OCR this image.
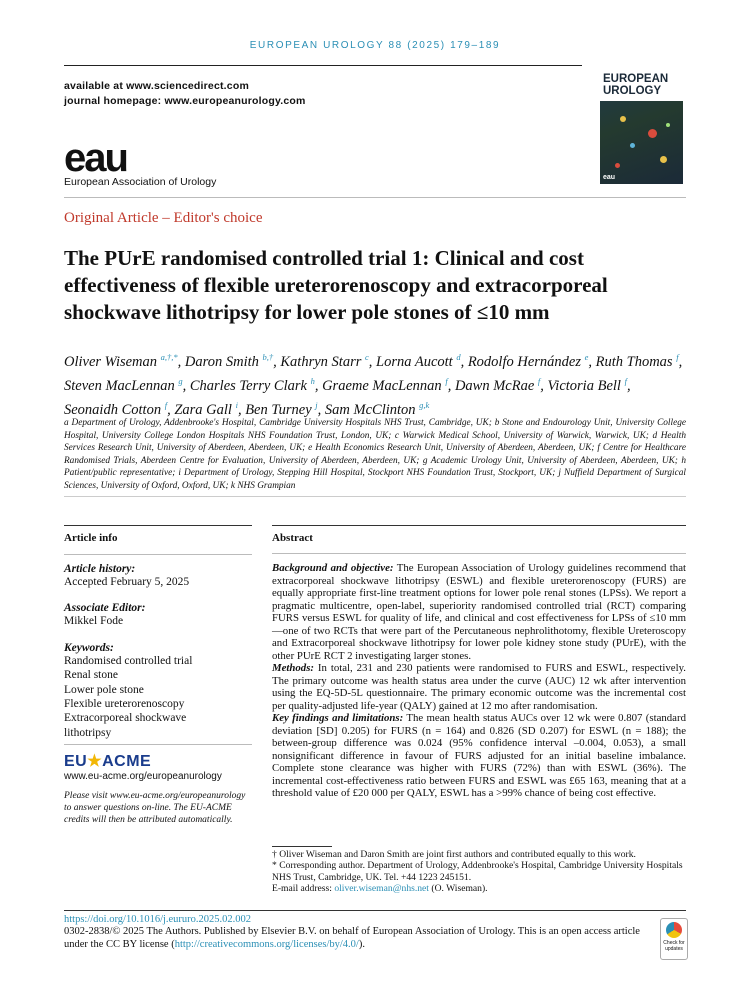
EUROPEAN UROLOGY 88 (2025) 179–189
available at www.sciencedirect.com
journal homepage: www.europeanurology.com
EUROPEAN
UROLOGY
eau
eau
European Association of Urology
Original Article – Editor's choice
The PUrE randomised controlled trial 1: Clinical and cost effectiveness of flexible ureterorenoscopy and extracorporeal shockwave lithotripsy for lower pole stones of ≤10 mm
Oliver Wiseman $^{a,\dagger,*}$, Daron Smith $^{b,\dagger}$, Kathryn Starr $^c$, Lorna Aucott $^d$, Rodolfo Hernández $^e$, Ruth Thomas $^f$, Steven MacLennan $^g$, Charles Terry Clark $^h$, Graeme MacLennan $^f$, Dawn McRae $^f$, Victoria Bell $^f$, Seonaidh Cotton $^f$, Zara Gall $^i$, Ben Turney $^j$, Sam McClinton $^{g,k}$
a Department of Urology, Addenbrooke's Hospital, Cambridge University Hospitals NHS Trust, Cambridge, UK; b Stone and Endourology Unit, University College Hospital, University College London Hospitals NHS Foundation Trust, London, UK; c Warwick Medical School, University of Warwick, Warwick, UK; d Health Services Research Unit, University of Aberdeen, Aberdeen, UK; e Health Economics Research Unit, University of Aberdeen, Aberdeen, UK; f Centre for Healthcare Randomised Trials, Aberdeen Centre for Evaluation, University of Aberdeen, Aberdeen, UK; g Academic Urology Unit, University of Aberdeen, Aberdeen, UK; h Patient/public representative; i Department of Urology, Stepping Hill Hospital, Stockport NHS Foundation Trust, Stockport, UK; j Nuffield Department of Surgical Sciences, University of Oxford, Oxford, UK; k NHS Grampian
Article info
Article history:
Accepted February 5, 2025
Associate Editor:
Mikkel Fode
Keywords:
Randomised controlled trial
Renal stone
Lower pole stone
Flexible ureterorenoscopy
Extracorporeal shockwave
lithotripsy
EU★ACME
www.eu-acme.org/europeanurology
Please visit www.eu-acme.org/europeanurology to answer questions on-line. The EU-ACME credits will then be attributed automatically.
Abstract

Background and objective: The European Association of Urology guidelines recommend that extracorporeal shockwave lithotripsy (ESWL) and flexible ureterorenoscopy (FURS) are equally appropriate first-line treatment options for lower pole renal stones (LPSs). We report a pragmatic multicentre, open-label, superiority randomised controlled trial (RCT) comparing FURS versus ESWL for quality of life, and clinical and cost effectiveness for LPSs of ≤10 mm—one of two RCTs that were part of the Percutaneous nephrolithotomy, flexible Ureteroscopy and Extracorporeal shockwave lithotripsy for lower pole kidney stone study (PUrE), with the other PUrE RCT 2 investigating larger stones.

Methods: In total, 231 and 230 patients were randomised to FURS and ESWL, respectively. The primary outcome was health status area under the curve (AUC) 12 wk after intervention using the EQ-5D-5L questionnaire. The primary economic outcome was the incremental cost per quality-adjusted life-year (QALY) gained at 12 mo after randomisation.

Key findings and limitations: The mean health status AUCs over 12 wk were 0.807 (standard deviation [SD] 0.205) for FURS (n = 164) and 0.826 (SD 0.207) for ESWL (n = 188); the between-group difference was 0.024 (95% confidence interval –0.004, 0.053), a small nonsignificant difference in favour of FURS adjusted for an initial baseline imbalance. Complete stone clearance was higher with FURS (72%) than with ESWL (36%). The incremental cost-effectiveness ratio between FURS and ESWL was £65 163, meaning that at a threshold value of £20 000 per QALY, ESWL has a >99% chance of being cost effective.

† Oliver Wiseman and Daron Smith are joint first authors and contributed equally to this work.
* Corresponding author. Department of Urology, Addenbrooke's Hospital, Cambridge University Hospitals NHS Trust, Cambridge, UK. Tel. +44 1223 245151.
E-mail address: oliver.wiseman@nhs.net (O. Wiseman).
https://doi.org/10.1016/j.eururo.2025.02.002
0302-2838/© 2025 The Authors. Published by Elsevier B.V. on behalf of European Association of Urology. This is an open access article under the CC BY license (http://creativecommons.org/licenses/by/4.0/).	Check for
updates
